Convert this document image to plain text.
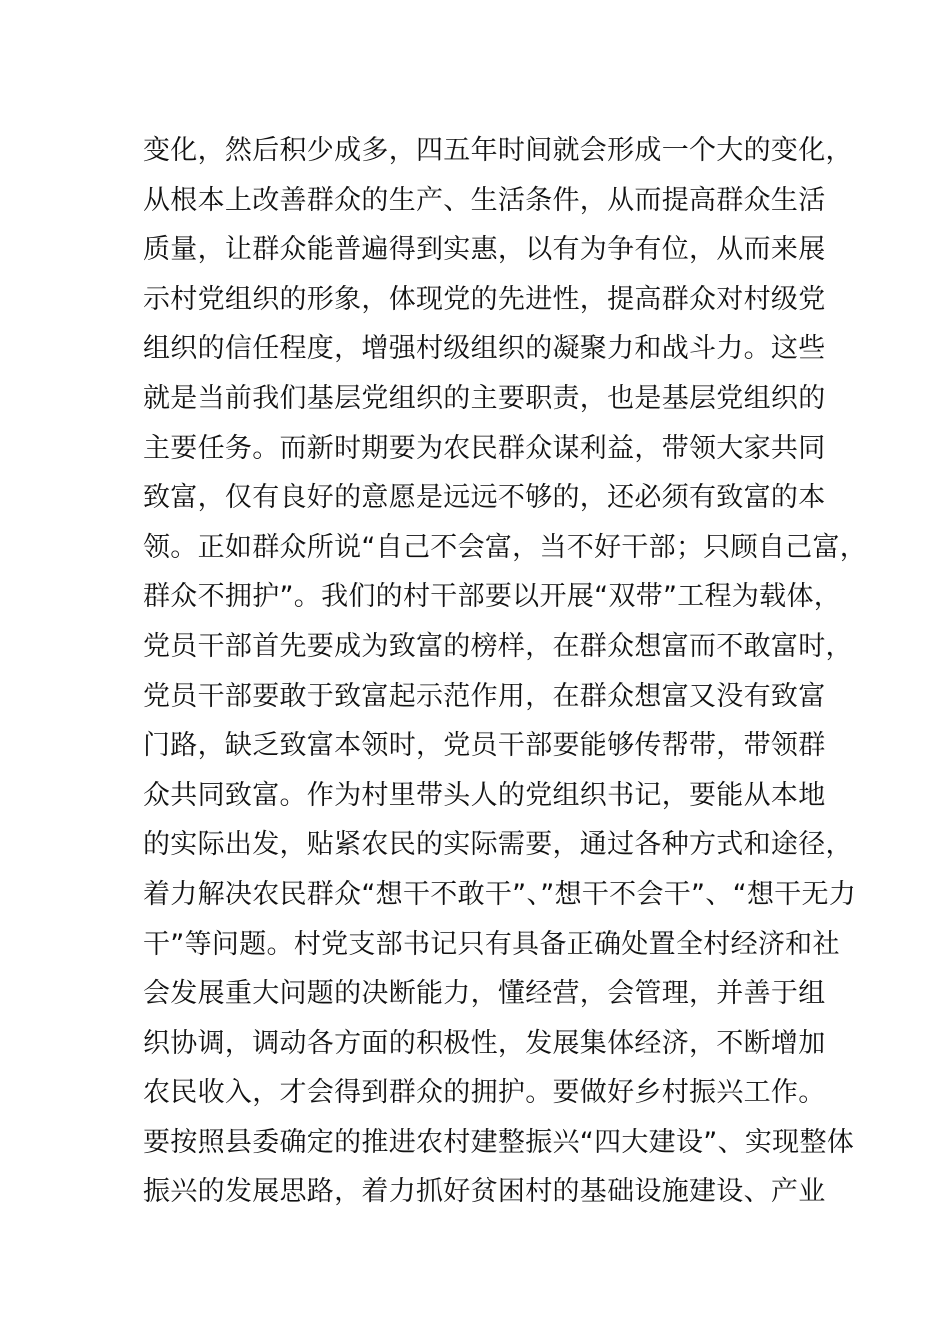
变化，然后积少成多，四五年时间就会形成一个大的变化，
从根本上改善群众的生产、生活条件，从而提高群众生活
质量，让群众能普遍得到实惠，以有为争有位，从而来展
示村党组织的形象，体现党的先进性，提高群众对村级党
组织的信任程度，增强村级组织的凝聚力和战斗力。这些
就是当前我们基层党组织的主要职责，也是基层党组织的
主要任务。而新时期要为农民群众谋利益，带领大家共同
致富，仅有良好的意愿是远远不够的，还必须有致富的本
领。正如群众所说“自己不会富，当不好干部；只顾自己富，
群众不拥护”。我们的村干部要以开展“双带”工程为载体，
党员干部首先要成为致富的榜样，在群众想富而不敢富时，
党员干部要敢于致富起示范作用，在群众想富又没有致富
门路，缺乏致富本领时，党员干部要能够传帮带，带领群
众共同致富。作为村里带头人的党组织书记，要能从本地
的实际出发，贴紧农民的实际需要，通过各种方式和途径，
着力解决农民群众“想干不敢干”、”想干不会干”、“想干无力
干”等问题。村党支部书记只有具备正确处置全村经济和社
会发展重大问题的决断能力，懂经营，会管理，并善于组
织协调，调动各方面的积极性，发展集体经济，不断增加
农民收入，才会得到群众的拥护。要做好乡村振兴工作。
要按照县委确定的推进农村建整振兴“四大建设”、实现整体
振兴的发展思路，着力抓好贫困村的基础设施建设、产业
